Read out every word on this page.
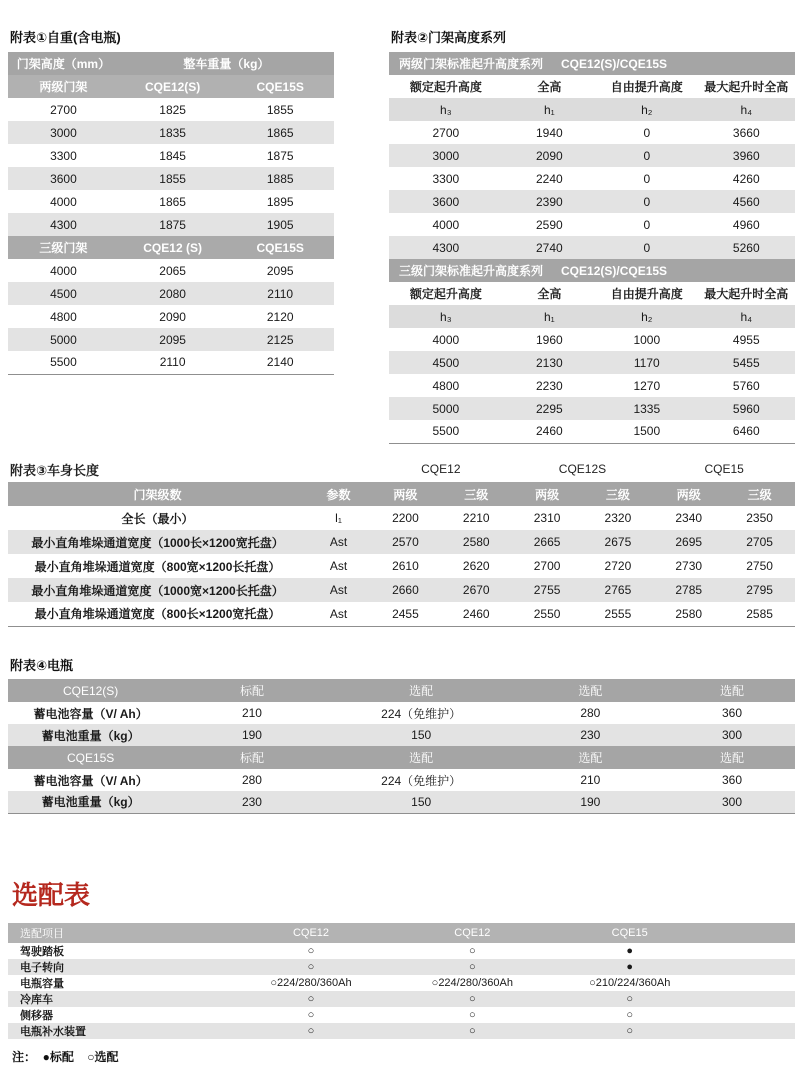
附表①自重(含电瓶)
门架高度（mm）	整车重量（kg）	
两级门架	CQE12(S)	CQE15S
2700	1825	1855
3000	1835	1865
3300	1845	1875
3600	1855	1885
4000	1865	1895
4300	1875	1905
三级门架	CQE12 (S)	CQE15S
4000	2065	2095
4500	2080	2110
4800	2090	2120
5000	2095	2125
5500	2110	2140
附表②门架高度系列
两级门架标准起升高度系列 CQE12(S)/CQE15S			
额定起升高度	全高	自由提升高度	最大起升时全高
h₃	h₁	h₂	h₄
2700	1940	0	3660
3000	2090	0	3960
3300	2240	0	4260
3600	2390	0	4560
4000	2590	0	4960
4300	2740	0	5260
三级门架标准起升高度系列 CQE12(S)/CQE15S			
额定起升高度	全高	自由提升高度	最大起升时全高
h₃	h₁	h₂	h₄
4000	1960	1000	4955
4500	2130	1170	5455
4800	2230	1270	5760
5000	2295	1335	5960
5500	2460	1500	6460
附表③车身长度		CQE12		CQE12S		CQE15	
门架级数	参数	两级	三级	两级	三级	两级	三级
全长（最小）	l₁	2200	2210	2310	2320	2340	2350
最小直角堆垛通道宽度（1000长×1200宽托盘）	Ast	2570	2580	2665	2675	2695	2705
最小直角堆垛通道宽度（800宽×1200长托盘）	Ast	2610	2620	2700	2720	2730	2750
最小直角堆垛通道宽度（1000宽×1200长托盘）	Ast	2660	2670	2755	2765	2785	2795
最小直角堆垛通道宽度（800长×1200宽托盘）	Ast	2455	2460	2550	2555	2580	2585
附表④电瓶
CQE12(S)	标配	选配	选配	选配
蓄电池容量（V/ Ah）	210	224（免维护）	280	360
蓄电池重量（kg）	190	150	230	300
CQE15S	标配	选配	选配	选配
蓄电池容量（V/ Ah）	280	224（免维护）	210	360
蓄电池重量（kg）	230	150	190	300
选配表
选配项目	CQE12	CQE12	CQE15	
驾驶踏板	○	○	●	
电子转向	○	○	●	
电瓶容量	○224/280/360Ah	○224/280/360Ah	○210/224/360Ah	
冷库车	○	○	○	
侧移器	○	○	○	
电瓶补水装置	○	○	○	
注：  ●标配    ○选配
